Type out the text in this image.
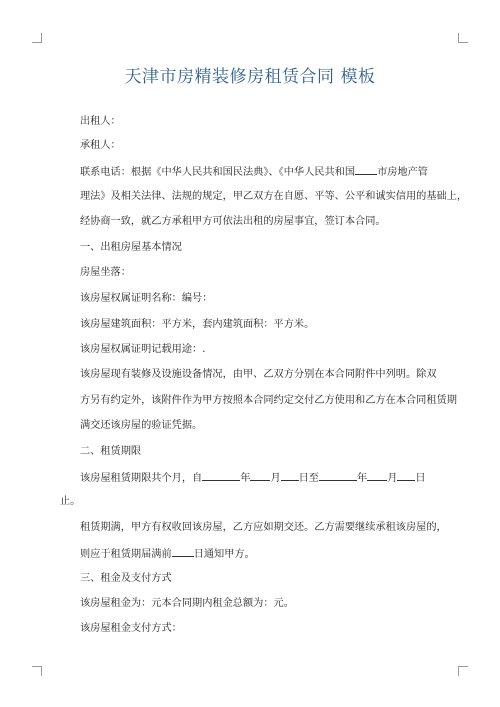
天津市房精装修房租赁合同 模板
出租人：
承租人：
联系电话：根据《中华人民共和国民法典》、《中华人民共和国 市房地产管
理法》及相关法律、法规的规定，甲乙双方在自愿、平等、公平和诚实信用的基础上，
经协商一致，就乙方承租甲方可依法出租的房屋事宜，签订本合同。
一、出租房屋基本情况
房屋坐落：
该房屋权属证明名称：编号：
该房屋建筑面积：平方米，套内建筑面积：平方米。
该房屋权属证明记载用途：.
该房屋现有装修及设施设备情况，由甲、乙双方分别在本合同附件中列明。除双
方另有约定外，该附件作为甲方按照本合同约定交付乙方使用和乙方在本合同租赁期
满交还该房屋的验证凭据。
二、租赁期限
该房屋租赁期限共个月，自	年 月 日至	年 月 日
止。
租赁期满，甲方有权收回该房屋，乙方应如期交还。乙方需要继续承租该房屋的，
则应于租赁期届满前 日通知甲方。
三、租金及支付方式
该房屋租金为：元本合同期内租金总额为：元。
该房屋租金支付方式：
